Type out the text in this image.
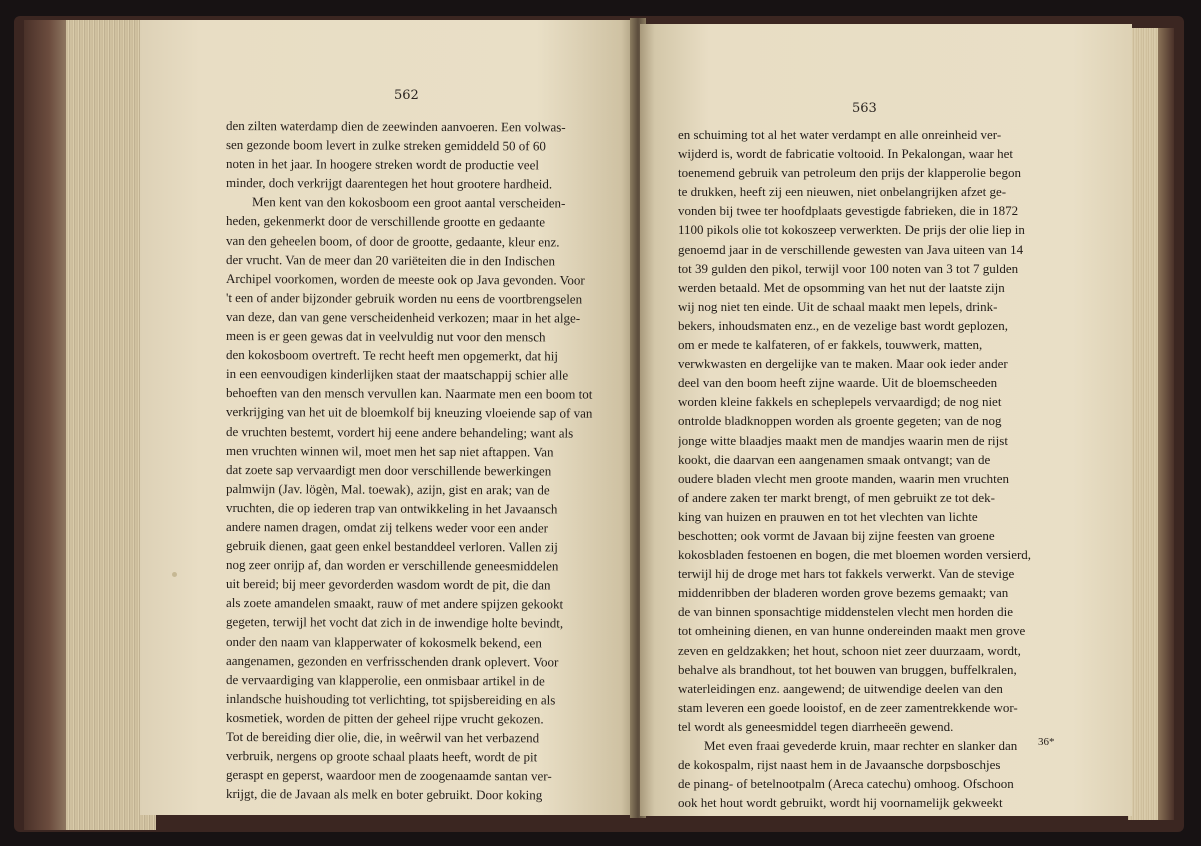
562
den zilten waterdamp dien de zeewinden aanvoeren. Een volwas-
sen gezonde boom levert in zulke streken gemiddeld 50 of 60
noten in het jaar. In hoogere streken wordt de productie veel
minder, doch verkrijgt daarentegen het hout grootere hardheid.
Men kent van den kokosboom een groot aantal verscheiden-
heden, gekenmerkt door de verschillende grootte en gedaante
van den geheelen boom, of door de grootte, gedaante, kleur enz.
der vrucht. Van de meer dan 20 variëteiten die in den Indischen
Archipel voorkomen, worden de meeste ook op Java gevonden. Voor
't een of ander bijzonder gebruik worden nu eens de voortbrengselen
van deze, dan van gene verscheidenheid verkozen; maar in het alge-
meen is er geen gewas dat in veelvuldig nut voor den mensch
den kokosboom overtreft. Te recht heeft men opgemerkt, dat hij
in een eenvoudigen kinderlijken staat der maatschappij schier alle
behoeften van den mensch vervullen kan. Naarmate men een boom tot
verkrijging van het uit de bloemkolf bij kneuzing vloeiende sap of van
de vruchten bestemt, vordert hij eene andere behandeling; want als
men vruchten winnen wil, moet men het sap niet aftappen. Van
dat zoete sap vervaardigt men door verschillende bewerkingen
palmwijn (Jav. lögèn, Mal. toewak), azijn, gist en arak; van de
vruchten, die op iederen trap van ontwikkeling in het Javaansch
andere namen dragen, omdat zij telkens weder voor een ander
gebruik dienen, gaat geen enkel bestanddeel verloren. Vallen zij
nog zeer onrijp af, dan worden er verschillende geneesmiddelen
uit bereid; bij meer gevorderden wasdom wordt de pit, die dan
als zoete amandelen smaakt, rauw of met andere spijzen gekookt
gegeten, terwijl het vocht dat zich in de inwendige holte bevindt,
onder den naam van klapperwater of kokosmelk bekend, een
aangenamen, gezonden en verfrisschenden drank oplevert. Voor
de vervaardiging van klapperolie, een onmisbaar artikel in de
inlandsche huishouding tot verlichting, tot spijsbereiding en als
kosmetiek, worden de pitten der geheel rijpe vrucht gekozen.
Tot de bereiding dier olie, die, in weêrwil van het verbazend
verbruik, nergens op groote schaal plaats heeft, wordt de pit
geraspt en geperst, waardoor men de zoogenaamde santan ver-
krijgt, die de Javaan als melk en boter gebruikt. Door koking
563
en schuiming tot al het water verdampt en alle onreinheid ver-
wijderd is, wordt de fabricatie voltooid. In Pekalongan, waar het
toenemend gebruik van petroleum den prijs der klapperolie begon
te drukken, heeft zij een nieuwen, niet onbelangrijken afzet ge-
vonden bij twee ter hoofdplaats gevestigde fabrieken, die in 1872
1100 pikols olie tot kokoszeep verwerkten. De prijs der olie liep in
genoemd jaar in de verschillende gewesten van Java uiteen van 14
tot 39 gulden den pikol, terwijl voor 100 noten van 3 tot 7 gulden
werden betaald. Met de opsomming van het nut der laatste zijn
wij nog niet ten einde. Uit de schaal maakt men lepels, drink-
bekers, inhoudsmaten enz., en de vezelige bast wordt geplozen,
om er mede te kalfateren, of er fakkels, touwwerk, matten,
verwkwasten en dergelijke van te maken. Maar ook ieder ander
deel van den boom heeft zijne waarde. Uit de bloemscheeden
worden kleine fakkels en scheplepels vervaardigd; de nog niet
ontrolde bladknoppen worden als groente gegeten; van de nog
jonge witte blaadjes maakt men de mandjes waarin men de rijst
kookt, die daarvan een aangenamen smaak ontvangt; van de
oudere bladen vlecht men groote manden, waarin men vruchten
of andere zaken ter markt brengt, of men gebruikt ze tot dek-
king van huizen en prauwen en tot het vlechten van lichte
beschotten; ook vormt de Javaan bij zijne feesten van groene
kokosbladen festoenen en bogen, die met bloemen worden versierd,
terwijl hij de droge met hars tot fakkels verwerkt. Van de stevige
middenribben der bladeren worden grove bezems gemaakt; van
de van binnen sponsachtige middenstelen vlecht men horden die
tot omheining dienen, en van hunne ondereinden maakt men grove
zeven en geldzakken; het hout, schoon niet zeer duurzaam, wordt,
behalve als brandhout, tot het bouwen van bruggen, buffelkralen,
waterleidingen enz. aangewend; de uitwendige deelen van den
stam leveren een goede looistof, en de zeer zamentrekkende wor-
tel wordt als geneesmiddel tegen diarrheeën gewend.
Met even fraai gevederde kruin, maar rechter en slanker dan
de kokospalm, rijst naast hem in de Javaansche dorpsboschjes
de pinang- of betelnootpalm (Areca catechu) omhoog. Ofschoon
ook het hout wordt gebruikt, wordt hij voornamelijk gekweekt
36*
